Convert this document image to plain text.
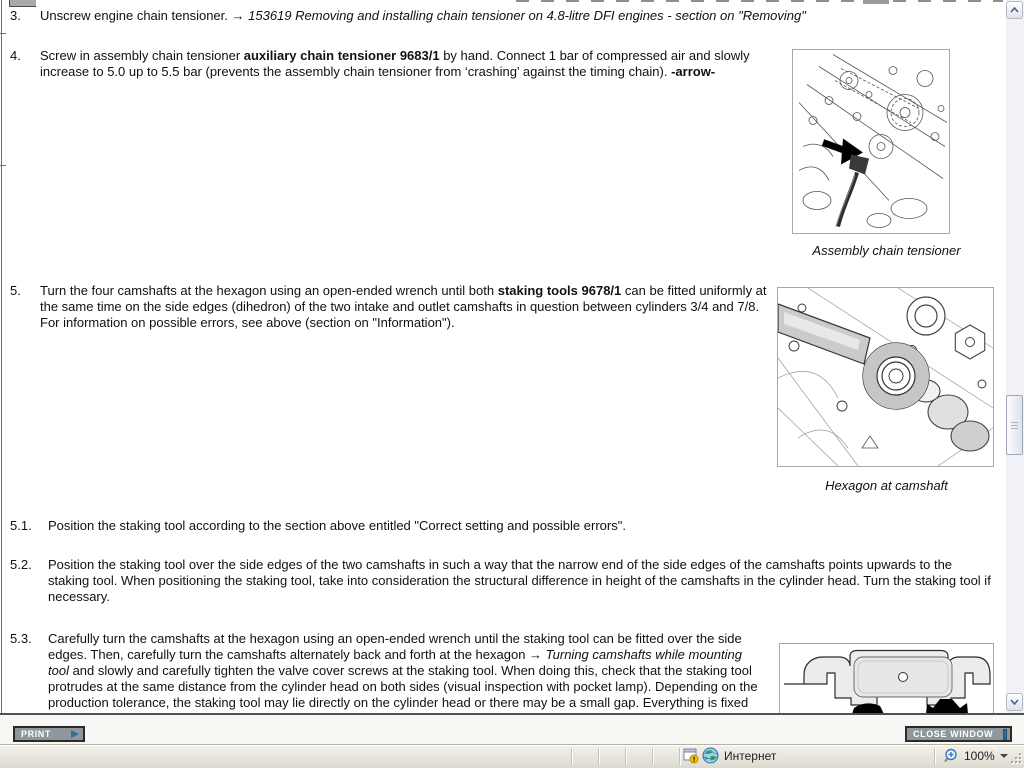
3. Unscrew engine chain tensioner. → 153619 Removing and installing chain tensioner on 4.8-litre DFI engines - section on "Removing"
4. Screw in assembly chain tensioner auxiliary chain tensioner 9683/1 by hand. Connect 1 bar of compressed air and slowly increase to 5.0 up to 5.5 bar (prevents the assembly chain tensioner from ‘crashing’ against the timing chain). -arrow-
Assembly chain tensioner
5. Turn the four camshafts at the hexagon using an open-ended wrench until both staking tools 9678/1 can be fitted uniformly at the same time on the side edges (dihedron) of the two intake and outlet camshafts in question between cylinders 3/4 and 7/8. For information on possible errors, see above (section on "Information").
Hexagon at camshaft
5.1. Position the staking tool according to the section above entitled "Correct setting and possible errors".
5.2. Position the staking tool over the side edges of the two camshafts in such a way that the narrow end of the side edges of the camshafts points upwards to the staking tool. When positioning the staking tool, take into consideration the structural difference in height of the camshafts in the cylinder head. Turn the staking tool if necessary.
5.3. Carefully turn the camshafts at the hexagon using an open-ended wrench until the staking tool can be fitted over the side edges. Then, carefully turn the camshafts alternately back and forth at the hexagon → Turning camshafts while mounting tool and slowly and carefully tighten the valve cover screws at the staking tool. When doing this, check that the staking tool protrudes at the same distance from the cylinder head on both sides (visual inspection with pocket lamp). Depending on the production tolerance, the staking tool may lie directly on the cylinder head or there may be a small gap. Everything is fixed
PRINT	CLOSE WINDOW
Интернет	100%
